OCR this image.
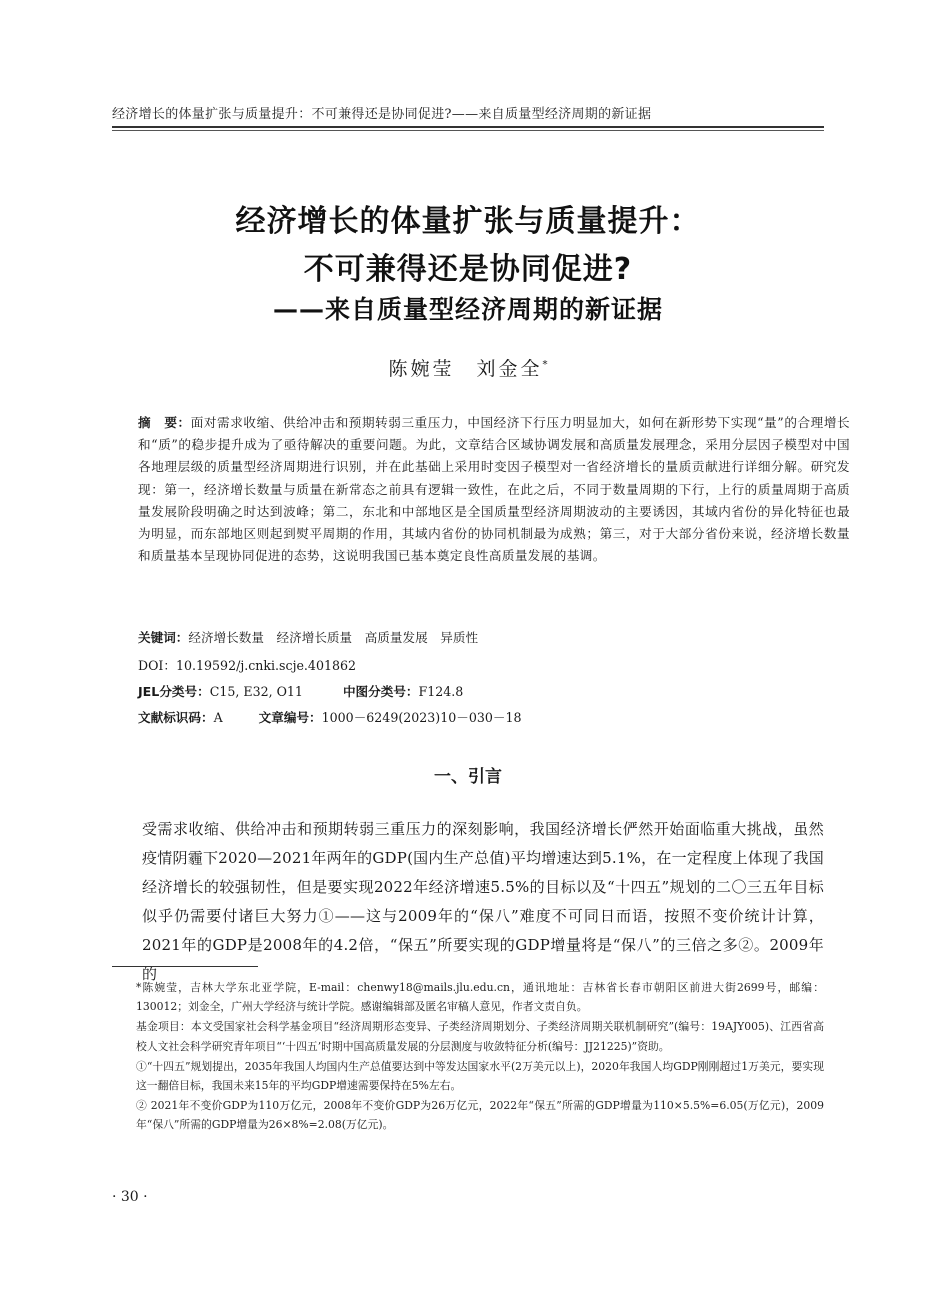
经济增长的体量扩张与质量提升：不可兼得还是协同促进?——来自质量型经济周期的新证据
经济增长的体量扩张与质量提升：
不可兼得还是协同促进?
——来自质量型经济周期的新证据
陈婉莹　刘金全*
摘　要：面对需求收缩、供给冲击和预期转弱三重压力，中国经济下行压力明显加大，如何在新形势下实现“量”的合理增长和“质”的稳步提升成为了亟待解决的重要问题。为此，文章结合区域协调发展和高质量发展理念，采用分层因子模型对中国各地理层级的质量型经济周期进行识别，并在此基础上采用时变因子模型对一省经济增长的量质贡献进行详细分解。研究发现：第一，经济增长数量与质量在新常态之前具有逻辑一致性，在此之后，不同于数量周期的下行，上行的质量周期于高质量发展阶段明确之时达到波峰；第二，东北和中部地区是全国质量型经济周期波动的主要诱因，其域内省份的异化特征也最为明显，而东部地区则起到熨平周期的作用，其域内省份的协同机制最为成熟；第三，对于大部分省份来说，经济增长数量和质量基本呈现协同促进的态势，这说明我国已基本奠定良性高质量发展的基调。
关键词：经济增长数量　经济增长质量　高质量发展　异质性
DOI：10.19592/j.cnki.scje.401862
JEL分类号：C15, E32, O11	中图分类号：F124.8
文献标识码：A	文章编号：1000－6249(2023)10－030－18
一、引言
受需求收缩、供给冲击和预期转弱三重压力的深刻影响，我国经济增长俨然开始面临重大挑战，虽然疫情阴霾下2020—2021年两年的GDP(国内生产总值)平均增速达到5.1%，在一定程度上体现了我国经济增长的较强韧性，但是要实现2022年经济增速5.5%的目标以及“十四五”规划的二〇三五年目标似乎仍需要付诸巨大努力①——这与2009年的“保八”难度不可同日而语，按照不变价统计计算，2021年的GDP是2008年的4.2倍，“保五”所要实现的GDP增量将是“保八”的三倍之多②。2009年的

*陈婉莹，吉林大学东北亚学院，E-mail：chenwy18@mails.jlu.edu.cn，通讯地址：吉林省长春市朝阳区前进大街2699号，邮编：130012；刘金全，广州大学经济与统计学院。感谢编辑部及匿名审稿人意见，作者文责自负。

基金项目：本文受国家社会科学基金项目“经济周期形态变异、子类经济周期划分、子类经济周期关联机制研究”(编号：19AJY005)、江西省高校人文社会科学研究青年项目“‘十四五’时期中国高质量发展的分层测度与收敛特征分析(编号：JJ21225)”资助。

①“十四五”规划提出，2035年我国人均国内生产总值要达到中等发达国家水平(2万美元以上)，2020年我国人均GDP刚刚超过1万美元，要实现这一翻倍目标，我国未来15年的平均GDP增速需要保持在5%左右。

② 2021年不变价GDP为110万亿元，2008年不变价GDP为26万亿元，2022年“保五”所需的GDP增量为110×5.5%=6.05(万亿元)，2009年“保八”所需的GDP增量为26×8%=2.08(万亿元)。

· 30 ·
